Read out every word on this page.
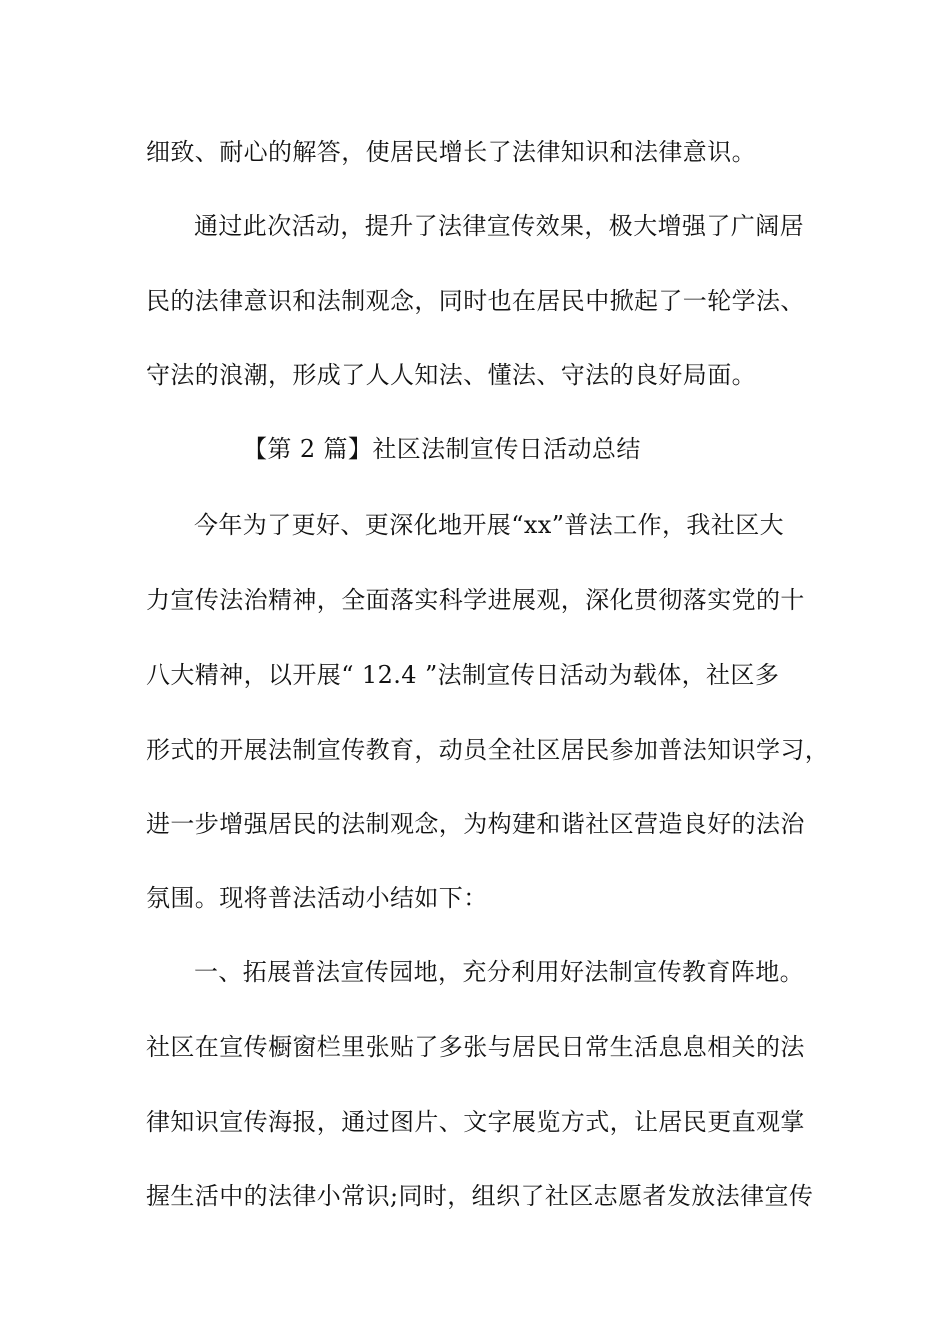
细致、耐心的解答，使居民增长了法律知识和法律意识。
通过此次活动，提升了法律宣传效果，极大增强了广阔居
民的法律意识和法制观念，同时也在居民中掀起了一轮学法、
守法的浪潮，形成了人人知法、懂法、守法的良好局面。
【第 2 篇】社区法制宣传日活动总结
今年为了更好、更深化地开展“xx”普法工作，我社区大
力宣传法治精神，全面落实科学进展观，深化贯彻落实党的十
八大精神，以开展“ 12.4 ”法制宣传日活动为载体，社区多
形式的开展法制宣传教育，动员全社区居民参加普法知识学习，
进一步增强居民的法制观念，为构建和谐社区营造良好的法治
氛围。现将普法活动小结如下：
一、拓展普法宣传园地，充分利用好法制宣传教育阵地。
社区在宣传橱窗栏里张贴了多张与居民日常生活息息相关的法
律知识宣传海报，通过图片、文字展览方式，让居民更直观掌
握生活中的法律小常识;同时，组织了社区志愿者发放法律宣传
